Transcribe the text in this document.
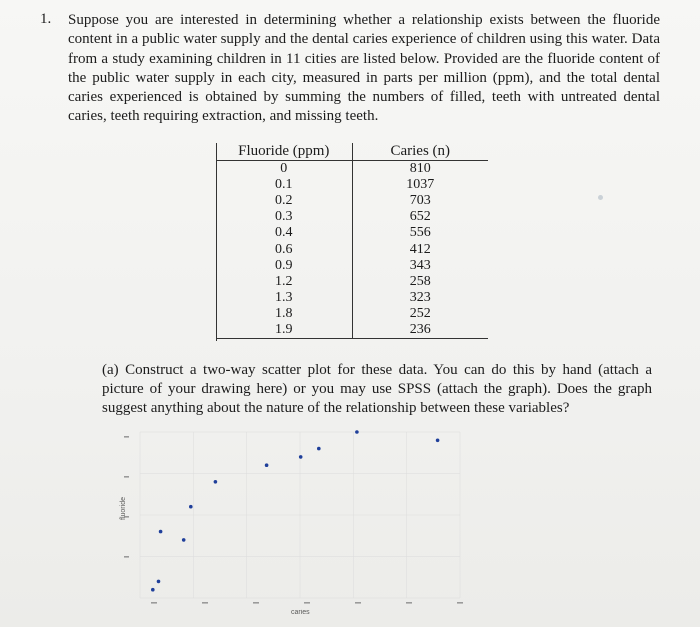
1. Suppose you are interested in determining whether a relationship exists between the fluoride content in a public water supply and the dental caries experience of children using this water. Data from a study examining children in 11 cities are listed below. Provided are the fluoride content of the public water supply in each city, measured in parts per million (ppm), and the total dental caries experienced is obtained by summing the numbers of filled, teeth with untreated dental caries, teeth requiring extraction, and missing teeth.

Fluoride (ppm)	Caries (n)
0	810
0.1	1037
0.2	703
0.3	652
0.4	556
0.6	412
0.9	343
1.2	258
1.3	323
1.8	252
1.9	236
(a) Construct a two-way scatter plot for these data. You can do this by hand (attach a picture of your drawing here) or you may use SPSS (attach the graph). Does the graph suggest anything about the nature of the relationship between these variables?
fluoride
caries
